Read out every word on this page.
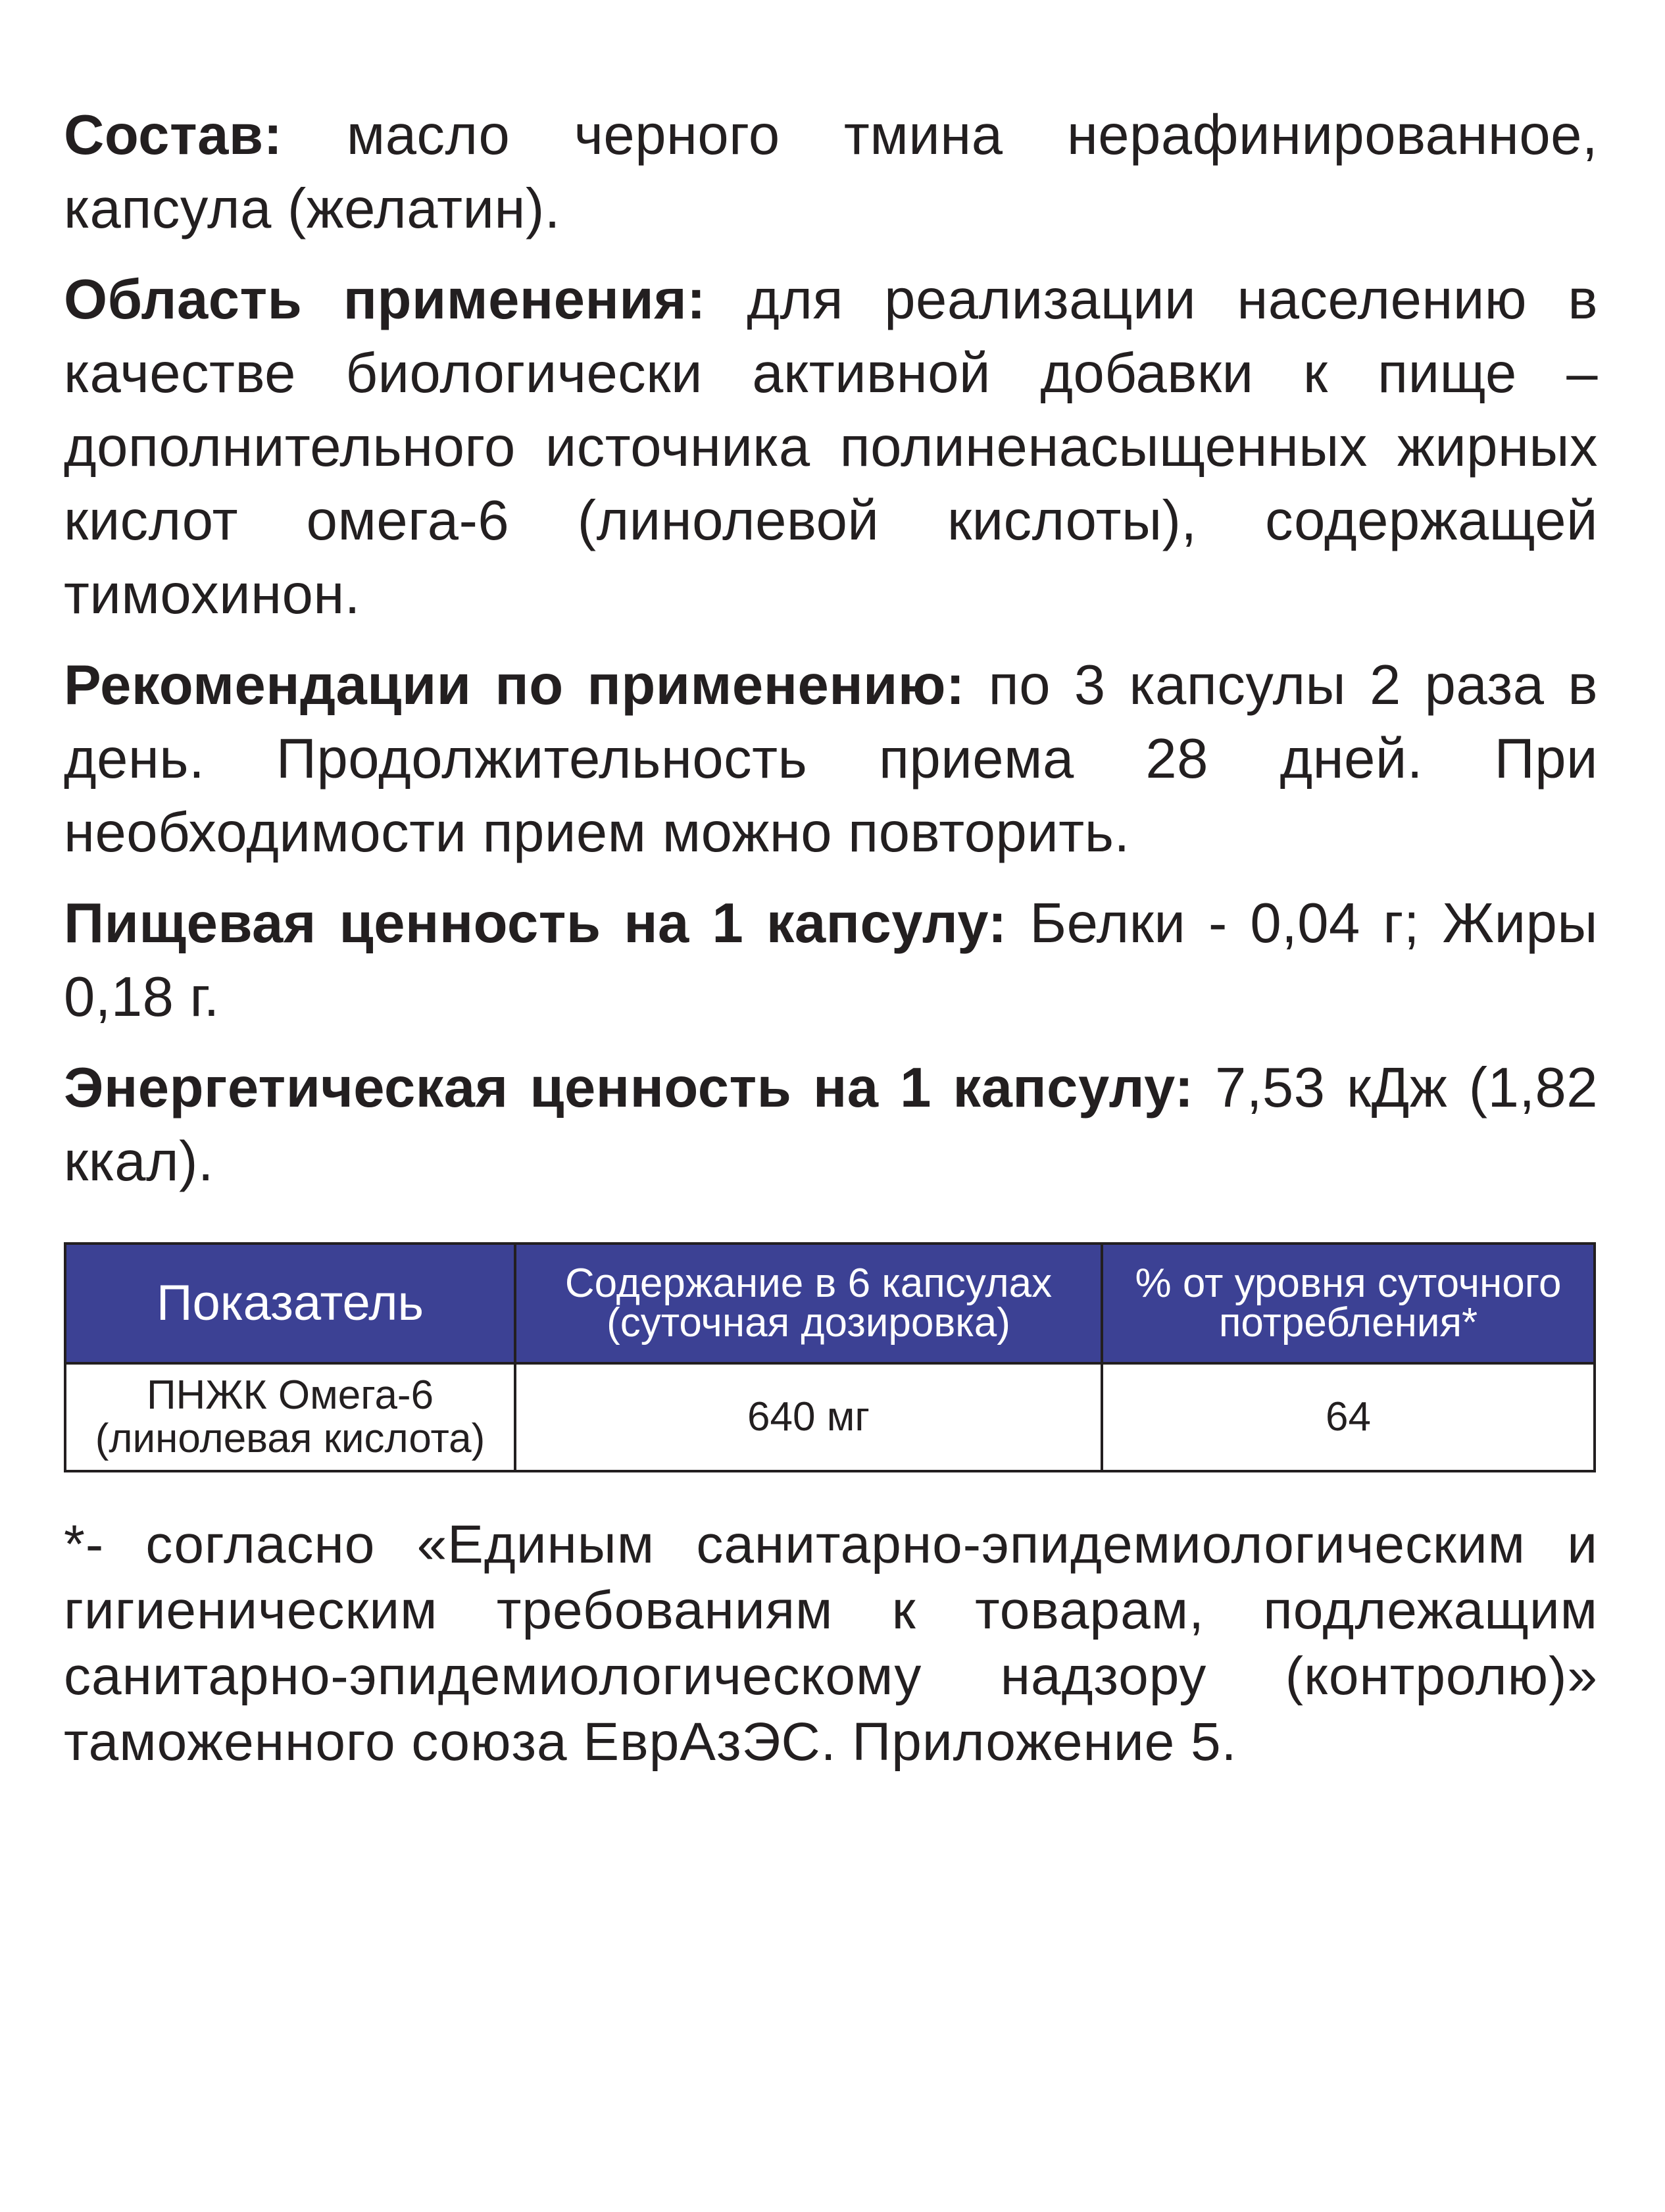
Состав: масло черного тмина нерафинированное, капсула (желатин).

Область применения: для реализации населению в качестве биологически активной добавки к пище – дополнительного источника полиненасыщенных жирных кислот омега-6 (линолевой кислоты), содержащей тимохинон.

Рекомендации по применению: по 3 капсулы 2 раза в день. Продолжительность приема 28 дней. При необходимости прием можно повторить.

Пищевая ценность на 1 капсулу: Белки - 0,04 г; Жиры 0,18 г.

Энергетическая ценность на 1 капсулу: 7,53 кДж (1,82 ккал).

Показатель	Содержание в 6 капсулах (суточная дозировка)	% от уровня суточного потребления*
ПНЖК Омега-6 (линолевая кислота)	640 мг	64

*- согласно «Единым санитарно-эпидемиологическим и гигиеническим требованиям к товарам, подлежащим санитарно-эпидемиологическому надзору (контролю)» таможенного союза ЕврАзЭС. Приложение 5.
